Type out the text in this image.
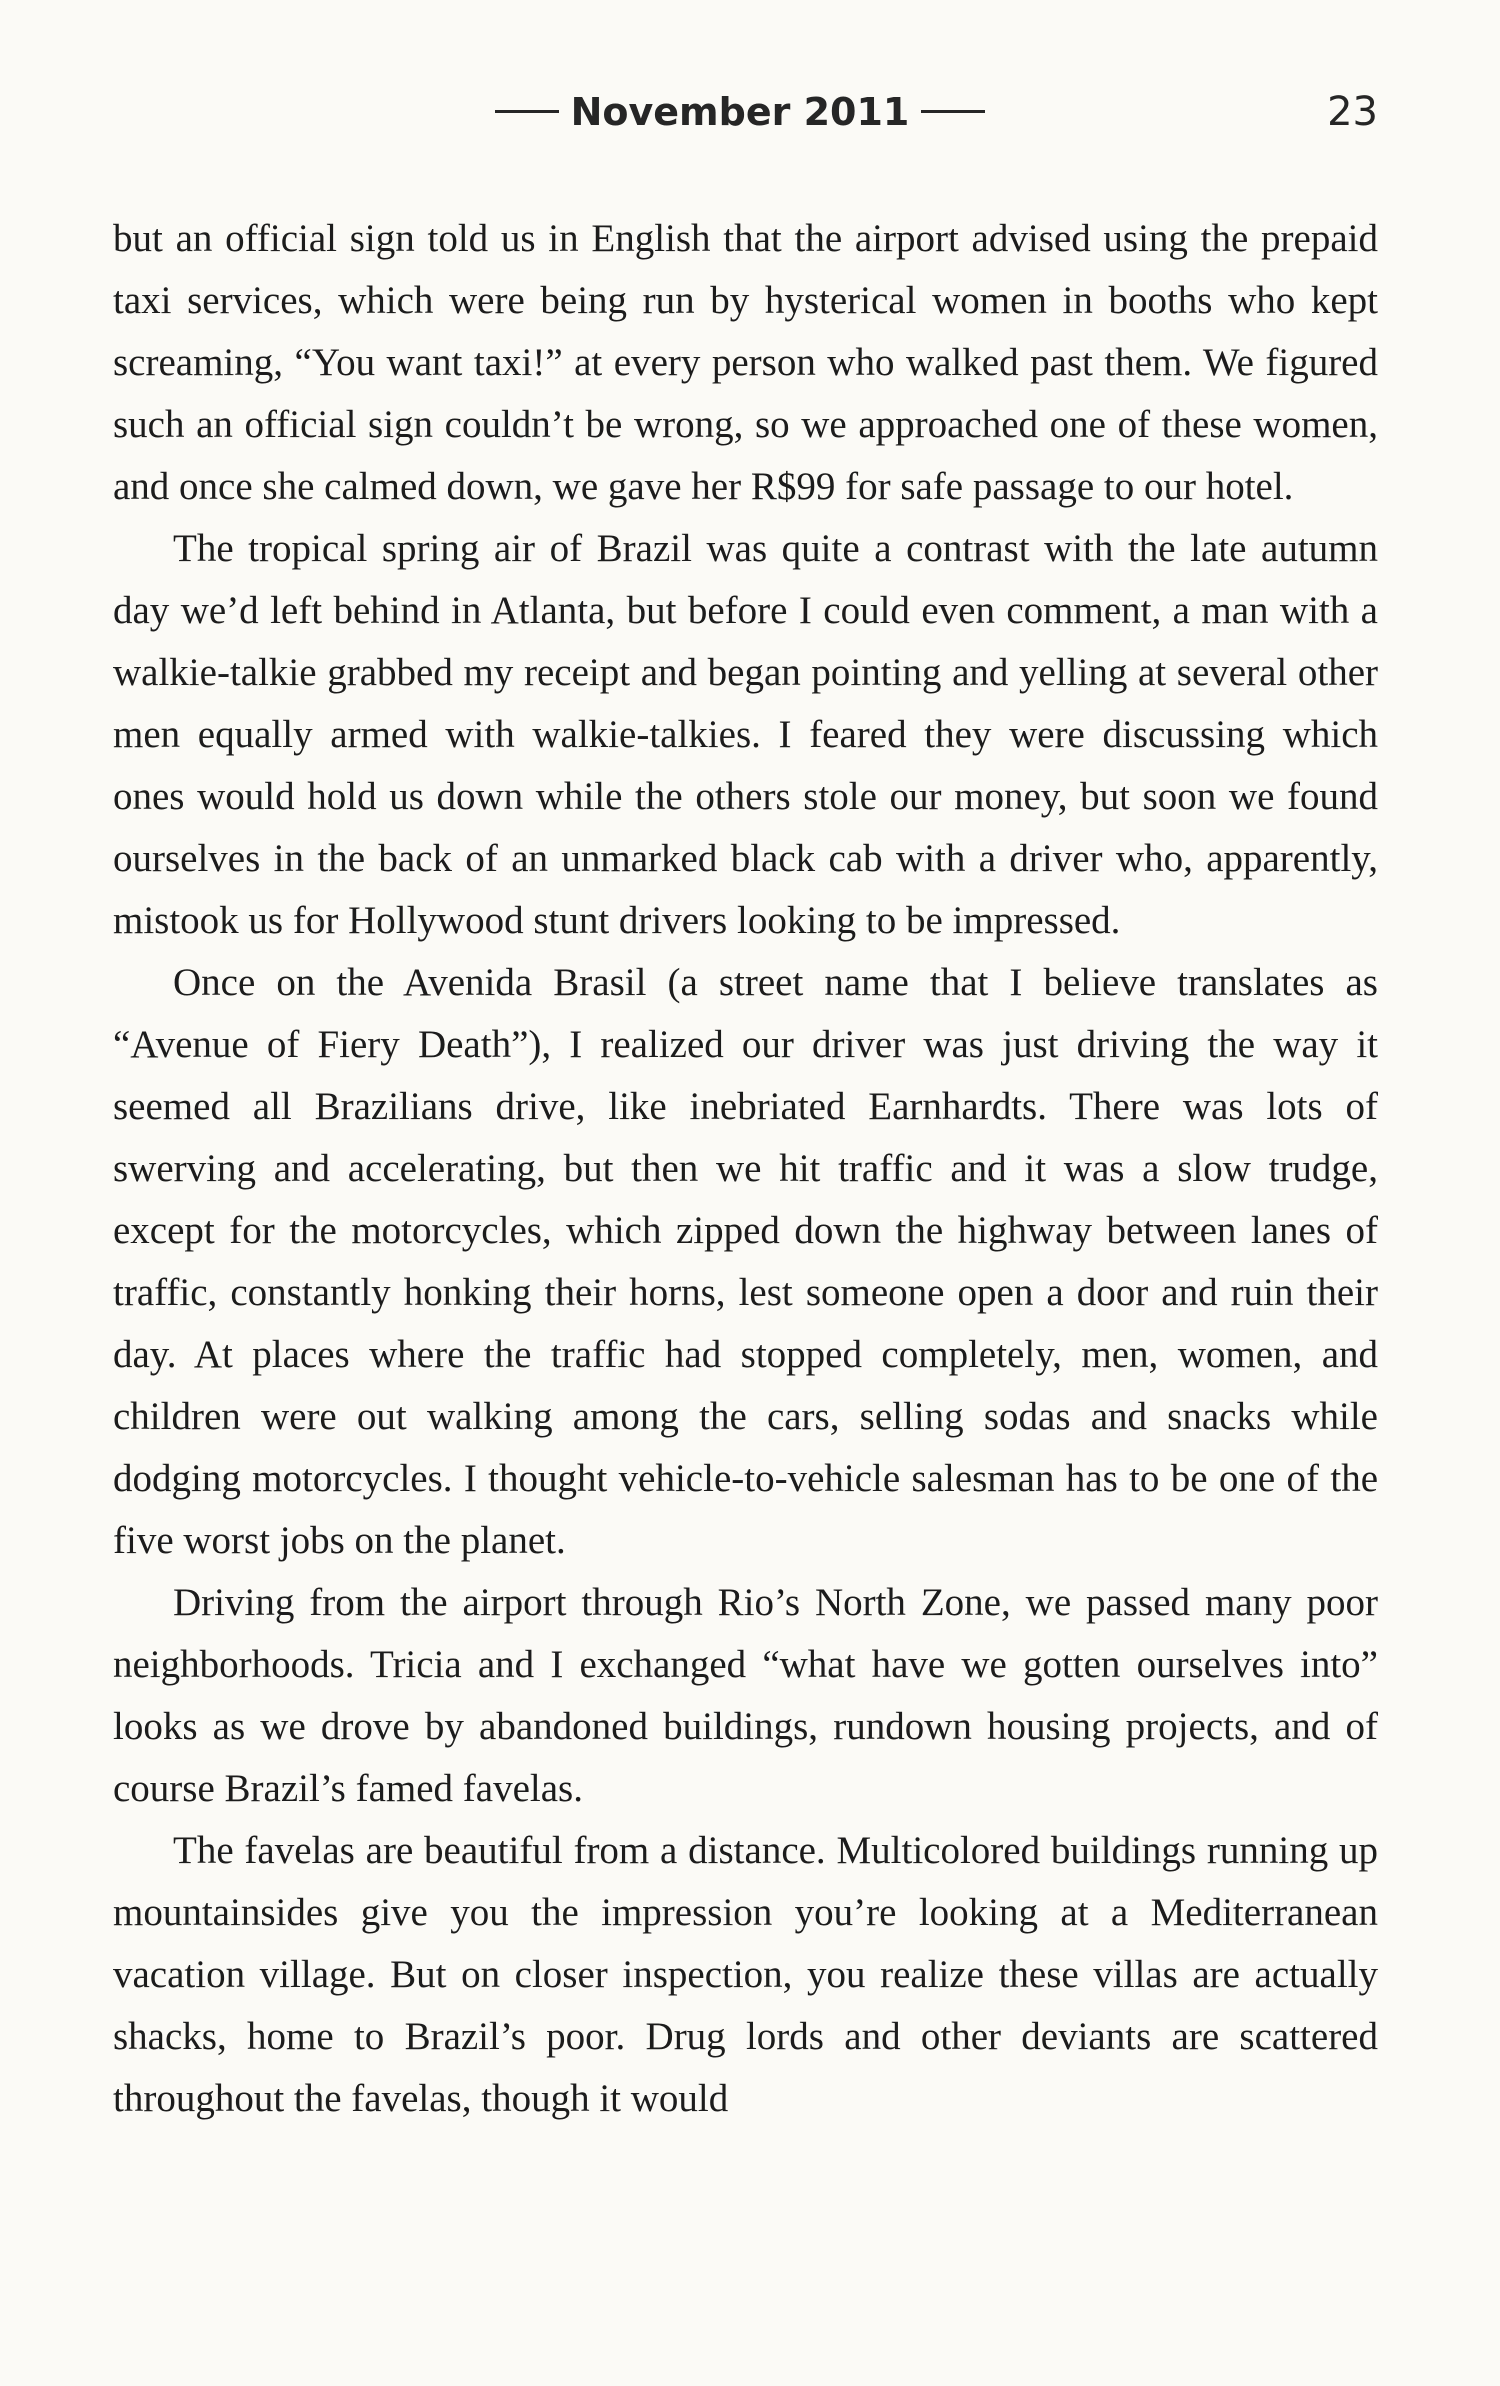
November 2011	23

but an official sign told us in English that the airport advised using the prepaid taxi services, which were being run by hysterical women in booths who kept screaming, “You want taxi!” at every person who walked past them. We figured such an official sign couldn’t be wrong, so we approached one of these women, and once she calmed down, we gave her R$99 for safe passage to our hotel.

The tropical spring air of Brazil was quite a contrast with the late autumn day we’d left behind in Atlanta, but before I could even comment, a man with a walkie-talkie grabbed my receipt and began pointing and yelling at several other men equally armed with walkie-talkies. I feared they were discussing which ones would hold us down while the others stole our money, but soon we found ourselves in the back of an unmarked black cab with a driver who, apparently, mistook us for Hollywood stunt drivers looking to be impressed.

Once on the Avenida Brasil (a street name that I believe translates as “Avenue of Fiery Death”), I realized our driver was just driving the way it seemed all Brazilians drive, like inebriated Earnhardts. There was lots of swerving and accelerating, but then we hit traffic and it was a slow trudge, except for the motorcycles, which zipped down the highway between lanes of traffic, constantly honking their horns, lest someone open a door and ruin their day. At places where the traffic had stopped completely, men, women, and children were out walking among the cars, selling sodas and snacks while dodging motorcycles. I thought vehicle-to-vehicle salesman has to be one of the five worst jobs on the planet.

Driving from the airport through Rio’s North Zone, we passed many poor neighborhoods. Tricia and I exchanged “what have we gotten ourselves into” looks as we drove by abandoned buildings, rundown housing projects, and of course Brazil’s famed favelas.

The favelas are beautiful from a distance. Multicolored buildings running up mountainsides give you the impression you’re looking at a Mediterranean vacation village. But on closer inspection, you realize these villas are actually shacks, home to Brazil’s poor. Drug lords and other deviants are scattered throughout the favelas, though it would
